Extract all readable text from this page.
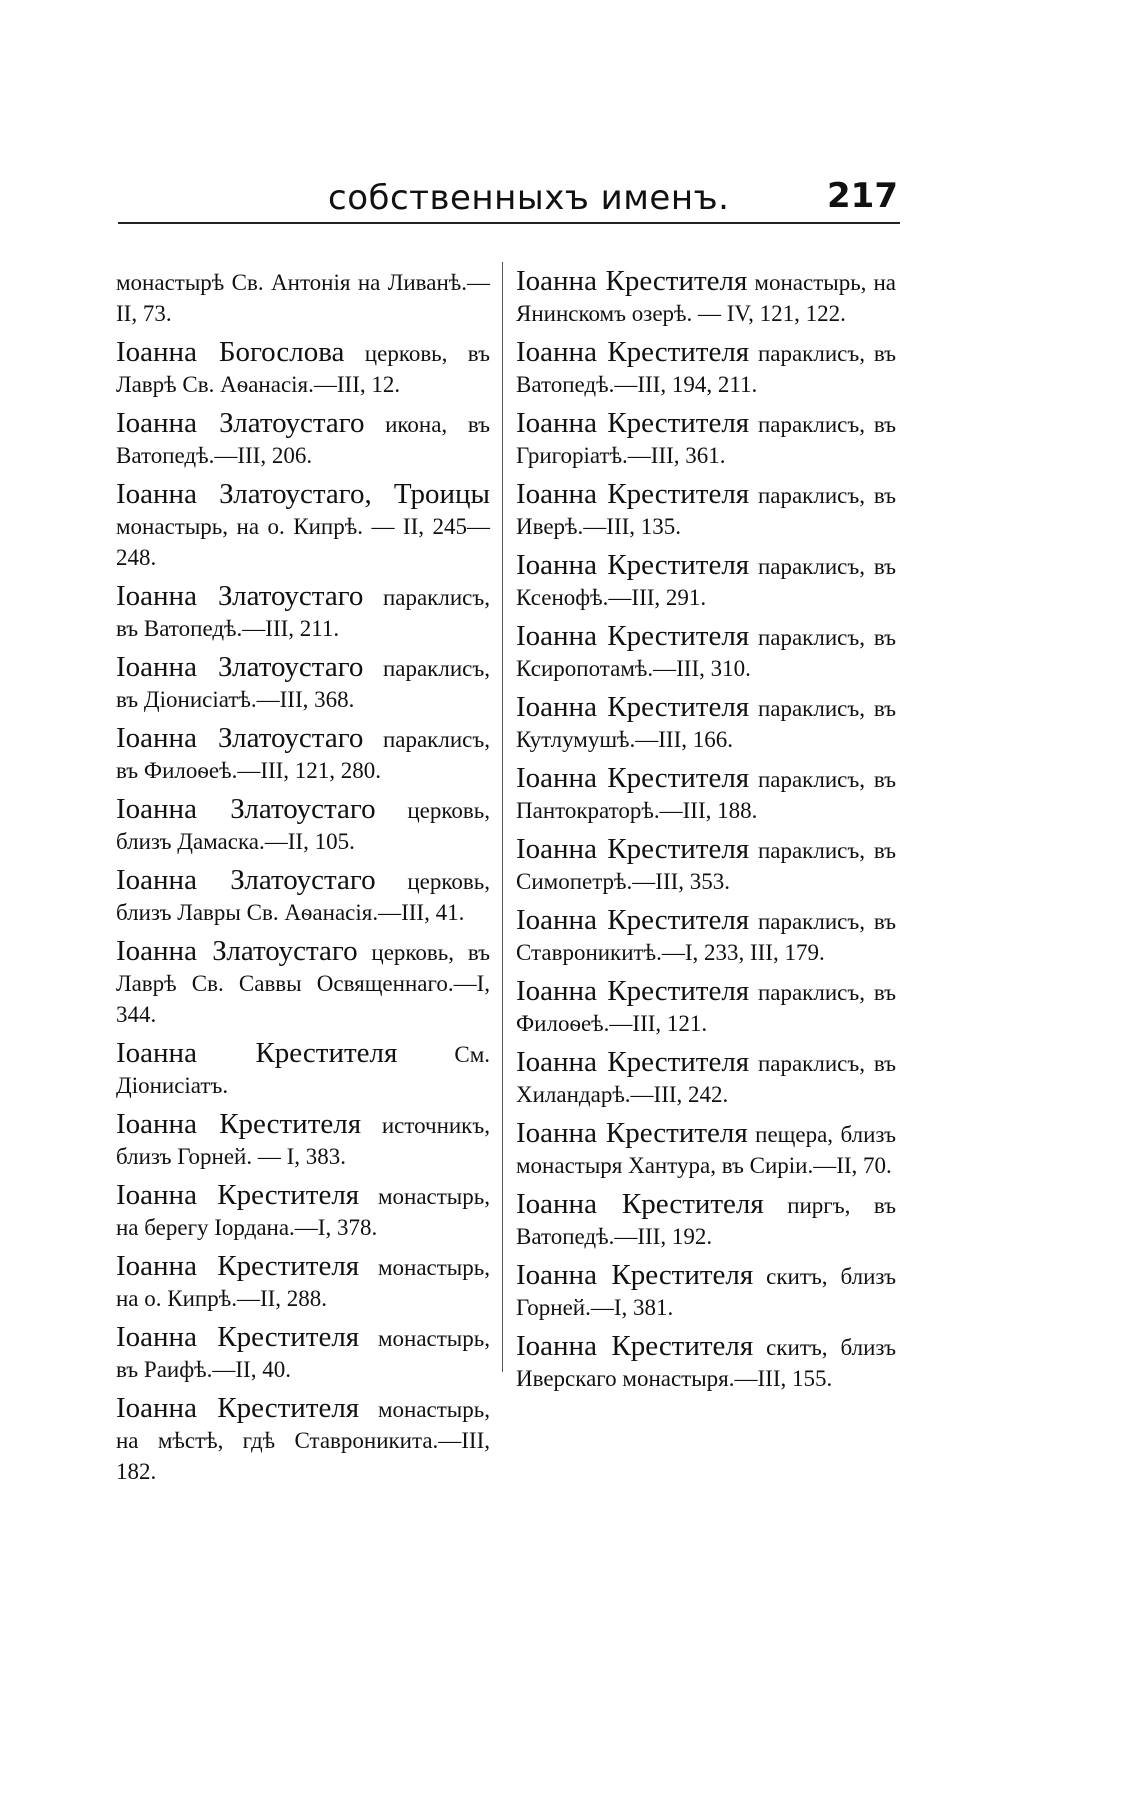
собственныхъ именъ.	217

монастырѣ Св. Антонія на Ливанѣ.—II, 73.

Іоанна Богослова церковь, въ Лаврѣ Св. Аѳанасія.—III, 12.

Іоанна Златоустаго икона, въ Ватопедѣ.—III, 206.

Іоанна Златоустаго, Троицы монастырь, на о. Кипрѣ. — II, 245—248.

Іоанна Златоустаго параклисъ, въ Ватопедѣ.—III, 211.

Іоанна Златоустаго параклисъ, въ Діонисіатѣ.—III, 368.

Іоанна Златоустаго параклисъ, въ Филоѳеѣ.—III, 121, 280.

Іоанна Златоустаго церковь, близъ Дамаска.—II, 105.

Іоанна Златоустаго церковь, близъ Лавры Св. Аѳанасія.—III, 41.

Іоанна Златоустаго церковь, въ Лаврѣ Св. Саввы Освященнаго.—I, 344.

Іоанна Крестителя См. Діонисіатъ.

Іоанна Крестителя источникъ, близъ Горней. — I, 383.

Іоанна Крестителя монастырь, на берегу Іордана.—I, 378.

Іоанна Крестителя монастырь, на о. Кипрѣ.—II, 288.

Іоанна Крестителя монастырь, въ Раифѣ.—II, 40.

Іоанна Крестителя монастырь, на мѣстѣ, гдѣ Ставроникита.—III, 182.

Іоанна Крестителя монастырь, на Янинскомъ озерѣ. — IV, 121, 122.

Іоанна Крестителя параклисъ, въ Ватопедѣ.—III, 194, 211.

Іоанна Крестителя параклисъ, въ Григоріатѣ.—III, 361.

Іоанна Крестителя параклисъ, въ Иверѣ.—III, 135.

Іоанна Крестителя параклисъ, въ Ксенофѣ.—III, 291.

Іоанна Крестителя параклисъ, въ Ксиропотамѣ.—III, 310.

Іоанна Крестителя параклисъ, въ Кутлумушѣ.—III, 166.

Іоанна Крестителя параклисъ, въ Пантократорѣ.—III, 188.

Іоанна Крестителя параклисъ, въ Симопетрѣ.—III, 353.

Іоанна Крестителя параклисъ, въ Ставроникитѣ.—I, 233, III, 179.

Іоанна Крестителя параклисъ, въ Филоѳеѣ.—III, 121.

Іоанна Крестителя параклисъ, въ Хиландарѣ.—III, 242.

Іоанна Крестителя пещера, близъ монастыря Хантура, въ Сиріи.—II, 70.

Іоанна Крестителя пиргъ, въ Ватопедѣ.—III, 192.

Іоанна Крестителя скитъ, близъ Горней.—I, 381.

Іоанна Крестителя скитъ, близъ Иверскаго монастыря.—III, 155.
